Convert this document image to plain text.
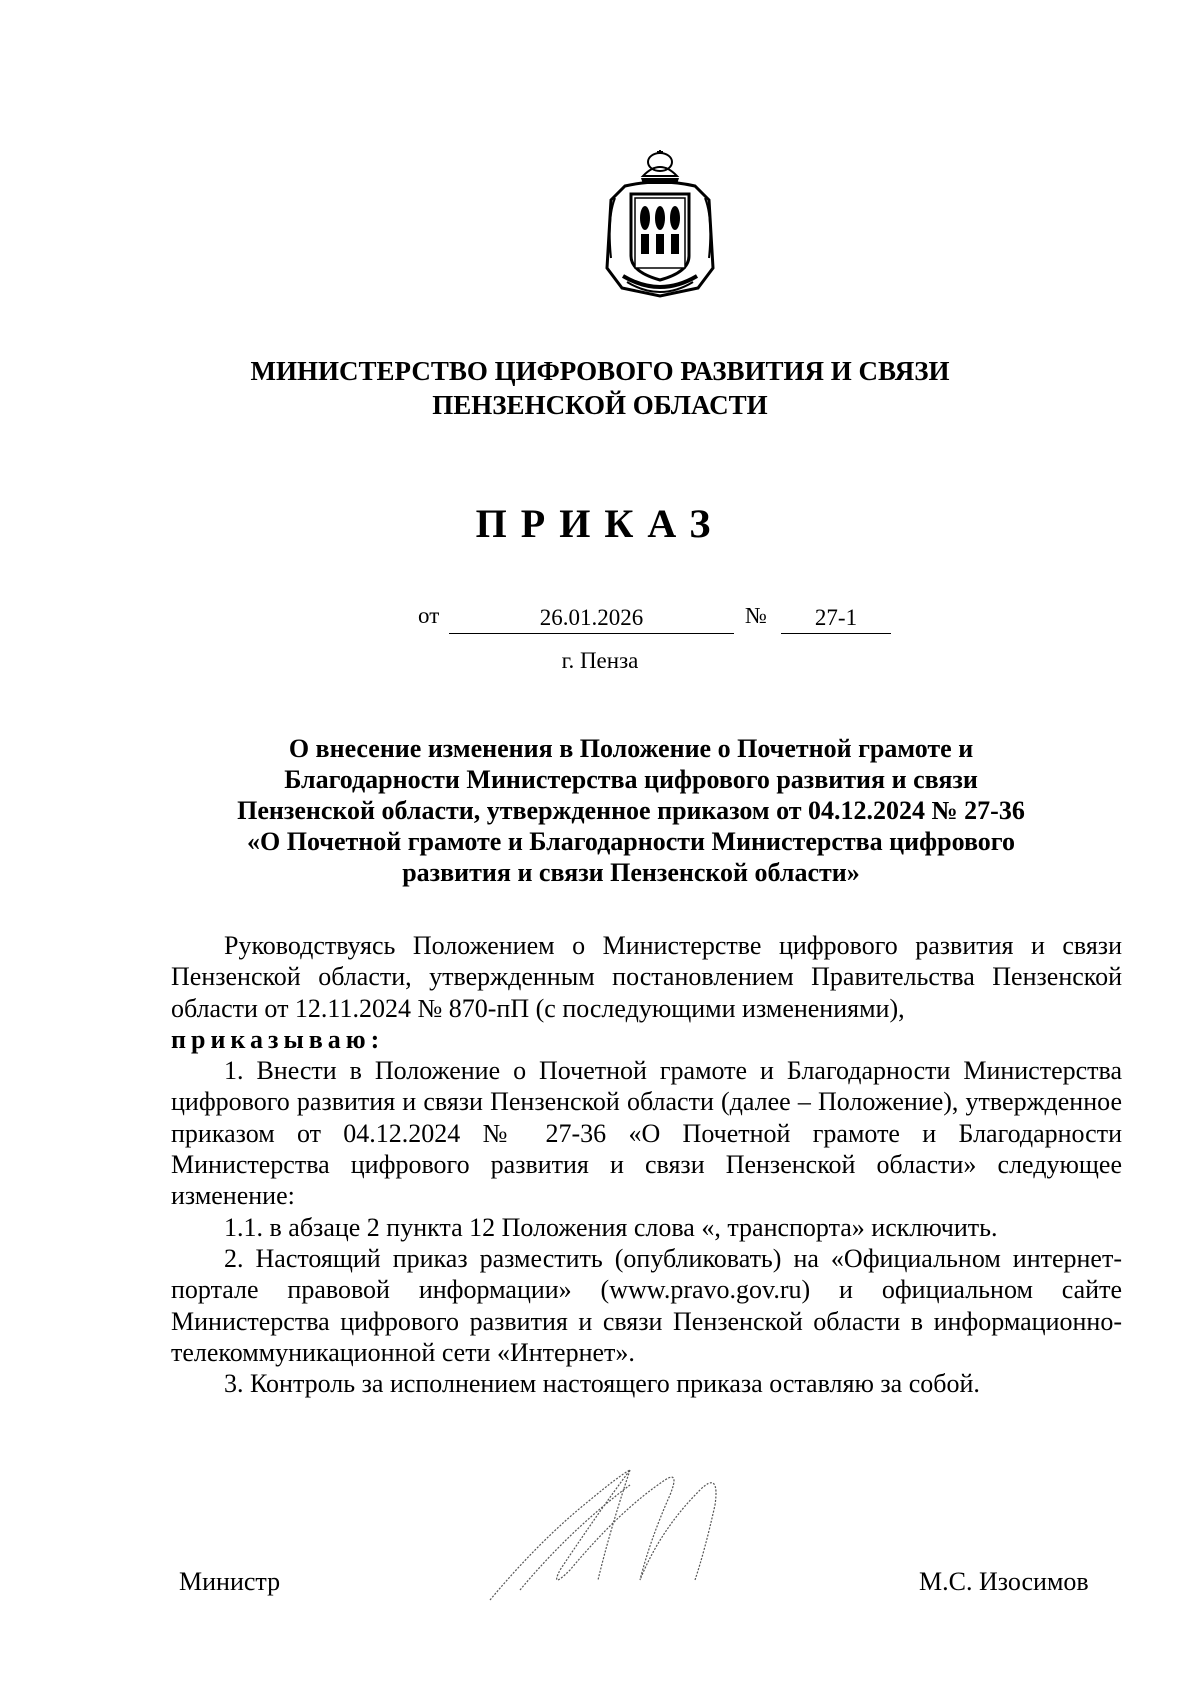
МИНИСТЕРСТВО ЦИФРОВОГО РАЗВИТИЯ И СВЯЗИ
ПЕНЗЕНСКОЙ ОБЛАСТИ
ПРИКАЗ
от	26.01.2026	№	27-1
г. Пенза
О внесение изменения в Положение о Почетной грамоте и
Благодарности Министерства цифрового развития и связи
Пензенской области, утвержденное приказом от 04.12.2024 № 27-36
«О Почетной грамоте и Благодарности Министерства цифрового
развития и связи Пензенской области»

Руководствуясь Положением о Министерстве цифрового развития и связи Пензенской области, утвержденным постановлением Правительства Пензенской области от 12.11.2024 № 870-пП (с последующими изменениями),

приказываю:

1. Внести в Положение о Почетной грамоте и Благодарности Министерства цифрового развития и связи Пензенской области (далее – Положение), утвержденное приказом от 04.12.2024 № 27-36 «О Почетной грамоте и Благодарности Министерства цифрового развития и связи Пензенской области» следующее изменение:

1.1. в абзаце 2 пункта 12 Положения слова «, транспорта» исключить.

2. Настоящий приказ разместить (опубликовать) на «Официальном интернет-портале правовой информации» (www.pravo.gov.ru) и официальном сайте Министерства цифрового развития и связи Пензенской области в информационно-телекоммуникационной сети «Интернет».

3. Контроль за исполнением настоящего приказа оставляю за собой.

Министр	М.С. Изосимов
